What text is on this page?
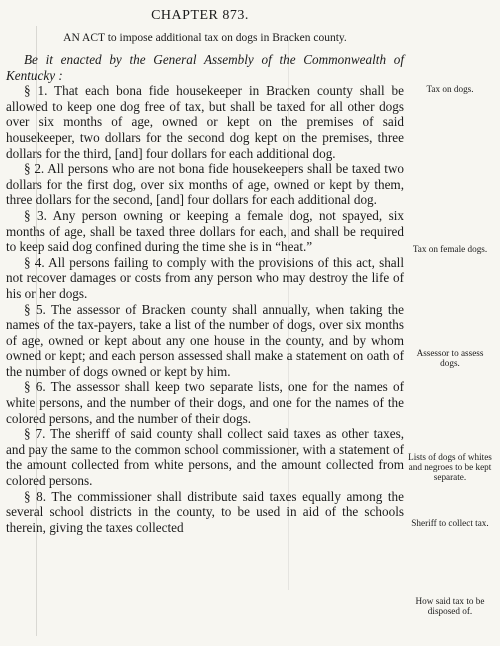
CHAPTER 873.
AN ACT to impose additional tax on dogs in Bracken county.

Be it enacted by the General Assembly of the Commonwealth of Kentucky :

§ 1. That each bona fide housekeeper in Bracken county shall be allowed to keep one dog free of tax, but shall be taxed for all other dogs over six months of age, owned or kept on the premises of said housekeeper, two dollars for the second dog kept on the premises, three dollars for the third, [and] four dollars for each additional dog.

§ 2. All persons who are not bona fide housekeepers shall be taxed two dollars for the first dog, over six months of age, owned or kept by them, three dollars for the second, [and] four dollars for each additional dog.

§ 3. Any person owning or keeping a female dog, not spayed, six months of age, shall be taxed three dollars for each, and shall be required to keep said dog confined during the time she is in “heat.”

§ 4. All persons failing to comply with the provisions of this act, shall not recover damages or costs from any person who may destroy the life of his or her dogs.

§ 5. The assessor of Bracken county shall annually, when taking the names of the tax-payers, take a list of the number of dogs, over six months of age, owned or kept about any one house in the county, and by whom owned or kept; and each person assessed shall make a statement on oath of the number of dogs owned or kept by him.

§ 6. The assessor shall keep two separate lists, one for the names of white persons, and the number of their dogs, and one for the names of the colored persons, and the number of their dogs.

§ 7. The sheriff of said county shall collect said taxes as other taxes, and pay the same to the common school commissioner, with a statement of the amount collected from white persons, and the amount collected from colored persons.

§ 8. The commissioner shall distribute said taxes equally among the several school districts in the county, to be used in aid of the schools therein, giving the taxes collected

Tax on dogs.
Tax on female dogs.
Assessor to assess dogs.
Lists of dogs of whites and negroes to be kept separate.
Sheriff to collect tax.
How said tax to be disposed of.
